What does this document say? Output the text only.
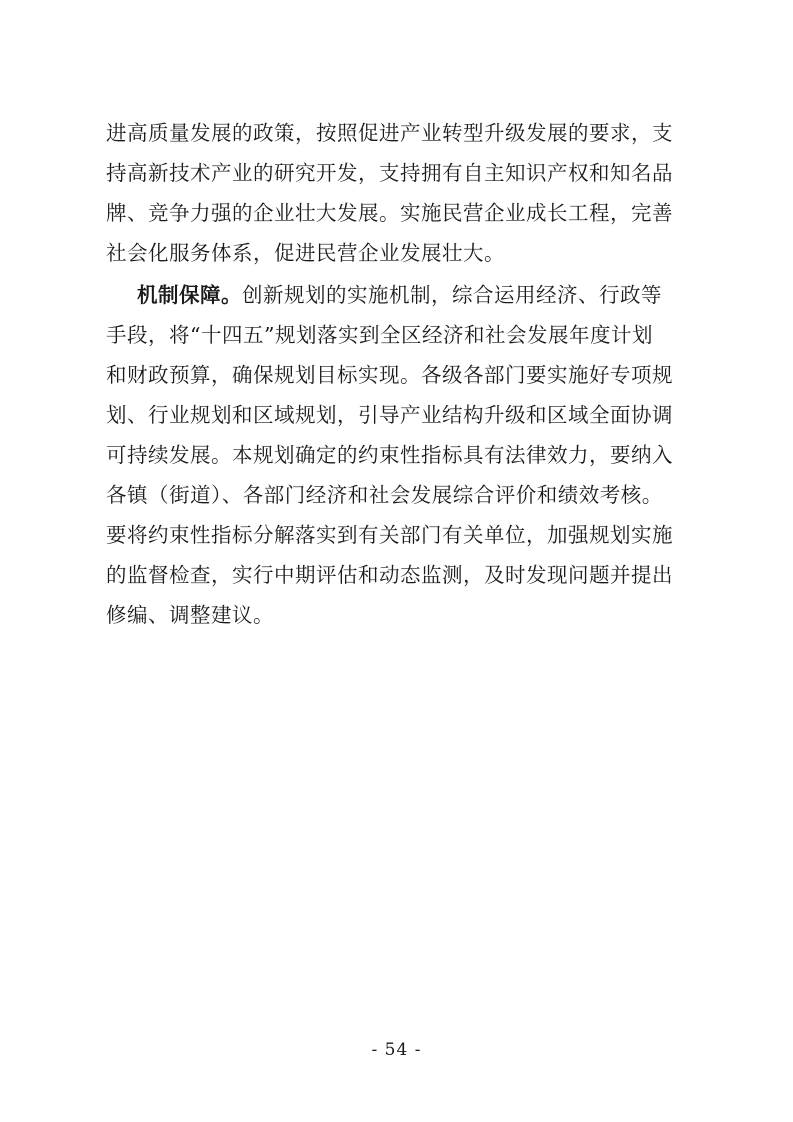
进高质量发展的政策，按照促进产业转型升级发展的要求，支
持高新技术产业的研究开发，支持拥有自主知识产权和知名品
牌、竞争力强的企业壮大发展。实施民营企业成长工程，完善
社会化服务体系，促进民营企业发展壮大。
机制保障。创新规划的实施机制，综合运用经济、行政等
手段，将“十四五”规划落实到全区经济和社会发展年度计划
和财政预算，确保规划目标实现。各级各部门要实施好专项规
划、行业规划和区域规划，引导产业结构升级和区域全面协调
可持续发展。本规划确定的约束性指标具有法律效力，要纳入
各镇（街道）、各部门经济和社会发展综合评价和绩效考核。
要将约束性指标分解落实到有关部门有关单位，加强规划实施
的监督检查，实行中期评估和动态监测，及时发现问题并提出
修编、调整建议。
- 54 -
